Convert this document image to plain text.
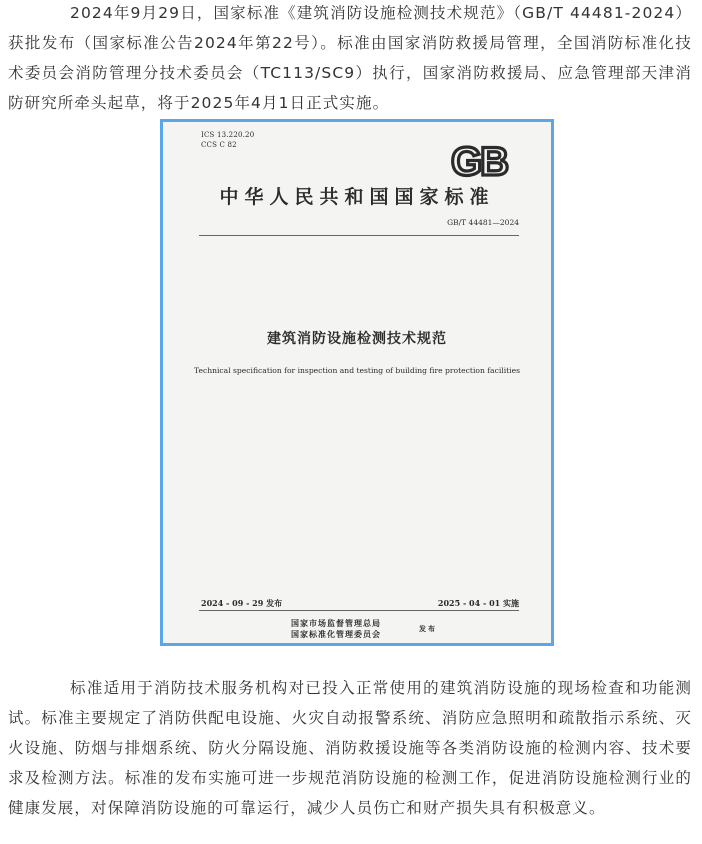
2024年9月29日，国家标准《建筑消防设施检测技术规范》（GB/T 44481-2024）获批发布（国家标准公告2024年第22号）。标准由国家消防救援局管理，全国消防标准化技术委员会消防管理分技术委员会（TC113/SC9）执行，国家消防救援局、应急管理部天津消防研究所牵头起草，将于2025年4月1日正式实施。

ICS 13.220.20
CCS C 82	GB
中华人民共和国国家标准
GB/T 44481—2024
建筑消防设施检测技术规范
Technical specification for inspection and testing of building fire protection facilities
2024 - 09 - 29 发布	2025 - 04 - 01 实施
国家市场监督管理总局
国家标准化管理委员会
发布

标准适用于消防技术服务机构对已投入正常使用的建筑消防设施的现场检查和功能测试。标准主要规定了消防供配电设施、火灾自动报警系统、消防应急照明和疏散指示系统、灭火设施、防烟与排烟系统、防火分隔设施、消防救援设施等各类消防设施的检测内容、技术要求及检测方法。标准的发布实施可进一步规范消防设施的检测工作，促进消防设施检测行业的健康发展，对保障消防设施的可靠运行，减少人员伤亡和财产损失具有积极意义。
